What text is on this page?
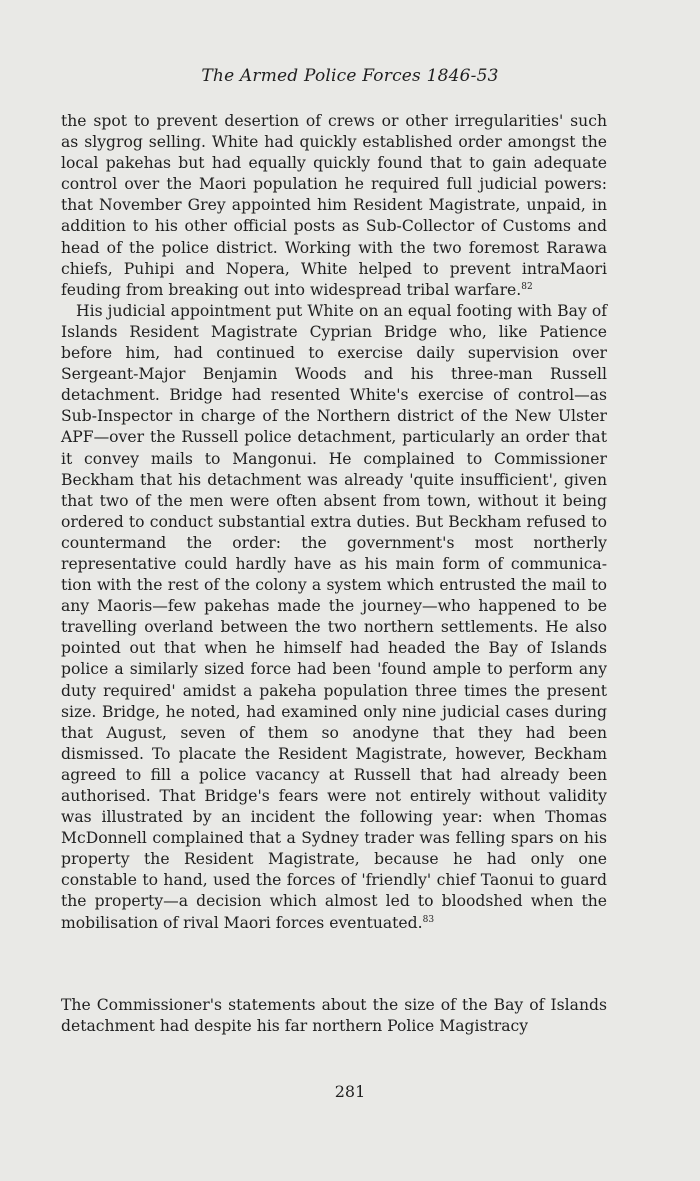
The Armed Police Forces 1846-53

the spot to prevent desertion of crews or other irregularities' such as slygrog selling. White had quickly established order amongst the local pakehas but had equally quickly found that to gain adequate control over the Maori population he required full judicial powers: that November Grey appointed him Resident Magistrate, unpaid, in addition to his other official posts as Sub-Collector of Customs and head of the police district. Working with the two foremost Rarawa chiefs, Puhipi and Nopera, White helped to prevent intraMaori feuding from breaking out into widespread tribal warfare.$^{82}$

His judicial appointment put White on an equal footing with Bay of Islands Resident Magistrate Cyprian Bridge who, like Patience before him, had continued to exercise daily supervision over Sergeant-Major Benjamin Woods and his three-man Russell detachment. Bridge had resented White's exercise of control—as Sub-Inspector in charge of the Northern district of the New Ulster APF—over the Russell police detachment, particularly an order that it convey mails to Mangonui. He complained to Commissioner Beckham that his detachment was already 'quite insufficient', given that two of the men were often absent from town, without it being ordered to conduct substantial extra duties. But Beckham refused to countermand the order: the government's most northerly representative could hardly have as his main form of communica-tion with the rest of the colony a system which entrusted the mail to any Maoris—few pakehas made the journey—who happened to be travelling overland between the two northern settlements. He also pointed out that when he himself had headed the Bay of Islands police a similarly sized force had been 'found ample to perform any duty required' amidst a pakeha population three times the present size. Bridge, he noted, had examined only nine judicial cases during that August, seven of them so anodyne that they had been dismissed. To placate the Resident Magistrate, however, Beckham agreed to fill a police vacancy at Russell that had already been authorised. That Bridge's fears were not entirely without validity was illustrated by an incident the following year: when Thomas McDonnell complained that a Sydney trader was felling spars on his property the Resident Magistrate, because he had only one constable to hand, used the forces of 'friendly' chief Taonui to guard the property—a decision which almost led to bloodshed when the mobilisation of rival Maori forces eventuated.$^{83}$

The Commissioner's statements about the size of the Bay of Islands detachment had despite his far northern Police Magistracy

281
